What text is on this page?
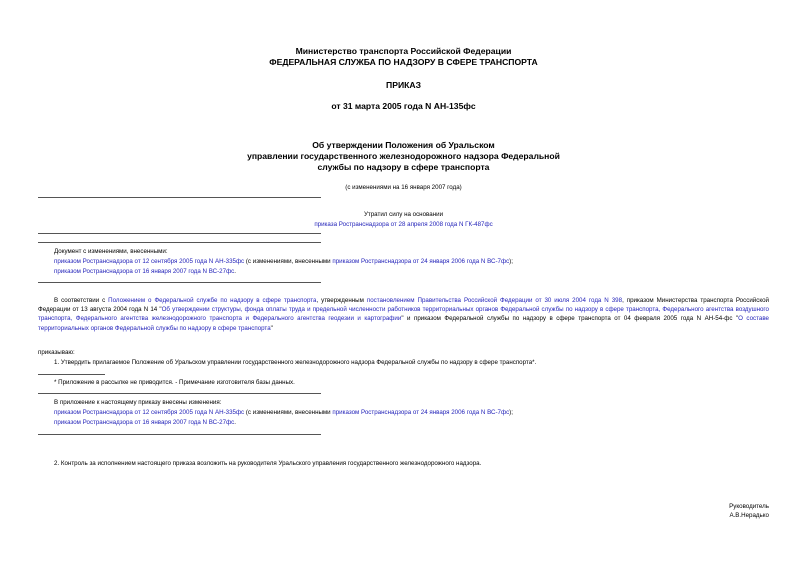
Министерство транспорта Российской Федерации
ФЕДЕРАЛЬНАЯ СЛУЖБА ПО НАДЗОРУ В СФЕРЕ ТРАНСПОРТА
ПРИКАЗ
от 31 марта 2005 года N АН-135фс
Об утверждении Положения об Уральском
управлении государственного железнодорожного надзора Федеральной
службы по надзору в сфере транспорта
(с изменениями на 16 января 2007 года)
Утратил силу на основании
приказа Ространснадзора от 28 апреля 2008 года N ГК-487фс
Документ с изменениями, внесенными:
приказом Ространснадзора от 12 сентября 2005 года N АН-335фс (с изменениями, внесенными приказом Ространснадзора от 24 января 2006 года N ВС-7фс);
приказом Ространснадзора от 16 января 2007 года N ВС-27фс.
В соответствии с Положением о Федеральной службе по надзору в сфере транспорта, утвержденным постановлением Правительства Российской Федерации от 30 июля 2004 года N 398, приказом Министерства транспорта Российской Федерации от 13 августа 2004 года N 14 "Об утверждении структуры, фонда оплаты труда и предельной численности работников территориальных органов Федеральной службы по надзору в сфере транспорта, Федерального агентства воздушного транспорта, Федерального агентства железнодорожного транспорта и Федерального агентства геодезии и картографии" и приказом Федеральной службы по надзору в сфере транспорта от 04 февраля 2005 года N АН-54-фс "О составе территориальных органов Федеральной службы по надзору в сфере транспорта"
приказываю:
1. Утвердить прилагаемое Положение об Уральском управлении государственного железнодорожного надзора Федеральной службы по надзору в сфере транспорта*.
* Приложение в рассылке не приводится. - Примечание изготовителя базы данных.
В приложение к настоящему приказу внесены изменения:
приказом Ространснадзора от 12 сентября 2005 года N АН-335фс (с изменениями, внесенными приказом Ространснадзора от 24 января 2006 года N ВС-7фс);
приказом Ространснадзора от 16 января 2007 года N ВС-27фс.
2. Контроль за исполнением настоящего приказа возложить на руководителя Уральского управления государственного железнодорожного надзора.
Руководитель
А.В.Нерадько
